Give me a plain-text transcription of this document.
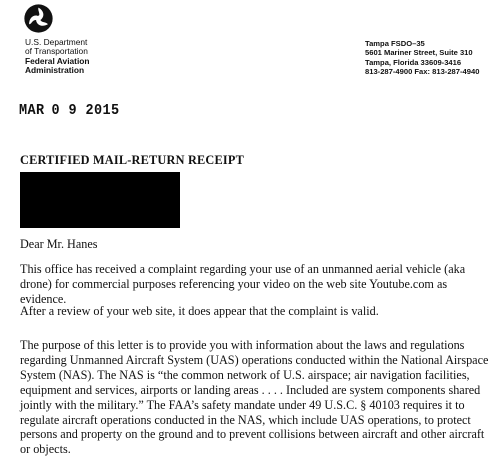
U.S. Department
of Transportation
Federal Aviation
Administration
Tampa FSDO–35
5601 Mariner Street, Suite 310
Tampa, Florida 33609-3416
813-287-4900 Fax: 813-287-4940
MAR 0 9 2015
CERTIFIED MAIL-RETURN RECEIPT
Dear Mr. Hanes

This office has received a complaint regarding your use of an unmanned aerial vehicle (aka drone) for commercial purposes referencing your video on the web site Youtube.com as evidence.

After a review of your web site, it does appear that the complaint is valid.

The purpose of this letter is to provide you with information about the laws and regulations regarding Unmanned Aircraft System (UAS) operations conducted within the National Airspace System (NAS). The NAS is “the common network of U.S. airspace; air navigation facilities, equipment and services, airports or landing areas . . . . Included are system components shared jointly with the military.” The FAA’s safety mandate under 49 U.S.C. § 40103 requires it to regulate aircraft operations conducted in the NAS, which include UAS operations, to protect persons and property on the ground and to prevent collisions between aircraft and other aircraft or objects.
